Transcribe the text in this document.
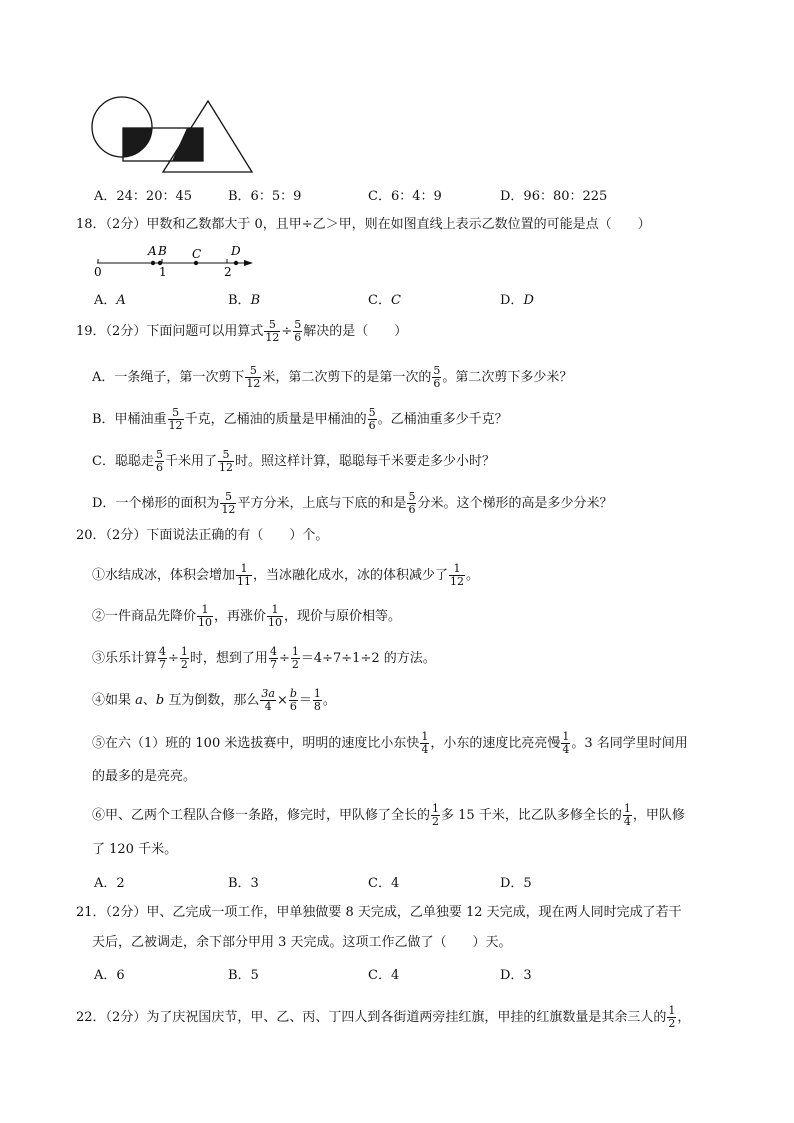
A．24：20：45	B．6：5：9	C．6：4：9	D．96：80：225
18．（2分）甲数和乙数都大于 0，且甲÷乙＞甲，则在如图直线上表示乙数位置的可能是点（　　）
A B C D
0	1	2
A．A	B．B	C．C	D．D
19．（2分）下面问题可以用算式 $\frac{5}{12} \div \frac{5}{6}$ 解决的是（　　）
A．一条绳子，第一次剪下 $\frac{5}{12}$ 米，第二次剪下的是第一次的 $\frac{5}{6}$ 。第二次剪下多少米？
B．甲桶油重 $\frac{5}{12}$ 千克，乙桶油的质量是甲桶油的 $\frac{5}{6}$ 。乙桶油重多少千克？
C．聪聪走 $\frac{5}{6}$ 千米用了 $\frac{5}{12}$ 时。照这样计算，聪聪每千米要走多少小时？
D．一个梯形的面积为 $\frac{5}{12}$ 平方分米，上底与下底的和是 $\frac{5}{6}$ 分米。这个梯形的高是多少分米？
20．（2分）下面说法正确的有（　　）个。
①水结成冰，体积会增加 $\frac{1}{11}$ ，当冰融化成水，冰的体积减少了 $\frac{1}{12}$ 。
②一件商品先降价 $\frac{1}{10}$ ，再涨价 $\frac{1}{10}$ ，现价与原价相等。
③乐乐计算 $\frac{4}{7} \div \frac{1}{2}$ 时，想到了用 $\frac{4}{7} \div \frac{1}{2} =4\div 7\div 1\div 2$ 的方法。
④如果 a、b 互为倒数，那么 $\frac{3a}{4} \times \frac{b}{6} = \frac{1}{8}$ 。
⑤在六（1）班的 100 米选拔赛中，明明的速度比小东快 $\frac{1}{4}$ ，小东的速度比亮亮慢 $\frac{1}{4}$ 。3 名同学里时间用
的最多的是亮亮。
⑥甲、乙两个工程队合修一条路，修完时，甲队修了全长的 $\frac{1}{2}$ 多 15 千米，比乙队多修全长的 $\frac{1}{4}$ ，甲队修
了 120 千米。
A．2	B．3	C．4	D．5
21．（2分）甲、乙完成一项工作，甲单独做要 8 天完成，乙单独要 12 天完成，现在两人同时完成了若干
天后，乙被调走，余下部分甲用 3 天完成。这项工作乙做了（　　）天。
A．6	B．5	C．4	D．3
22．（2分）为了庆祝国庆节，甲、乙、丙、丁四人到各街道两旁挂红旗，甲挂的红旗数量是其余三人的 $\frac{1}{2}$ ，
